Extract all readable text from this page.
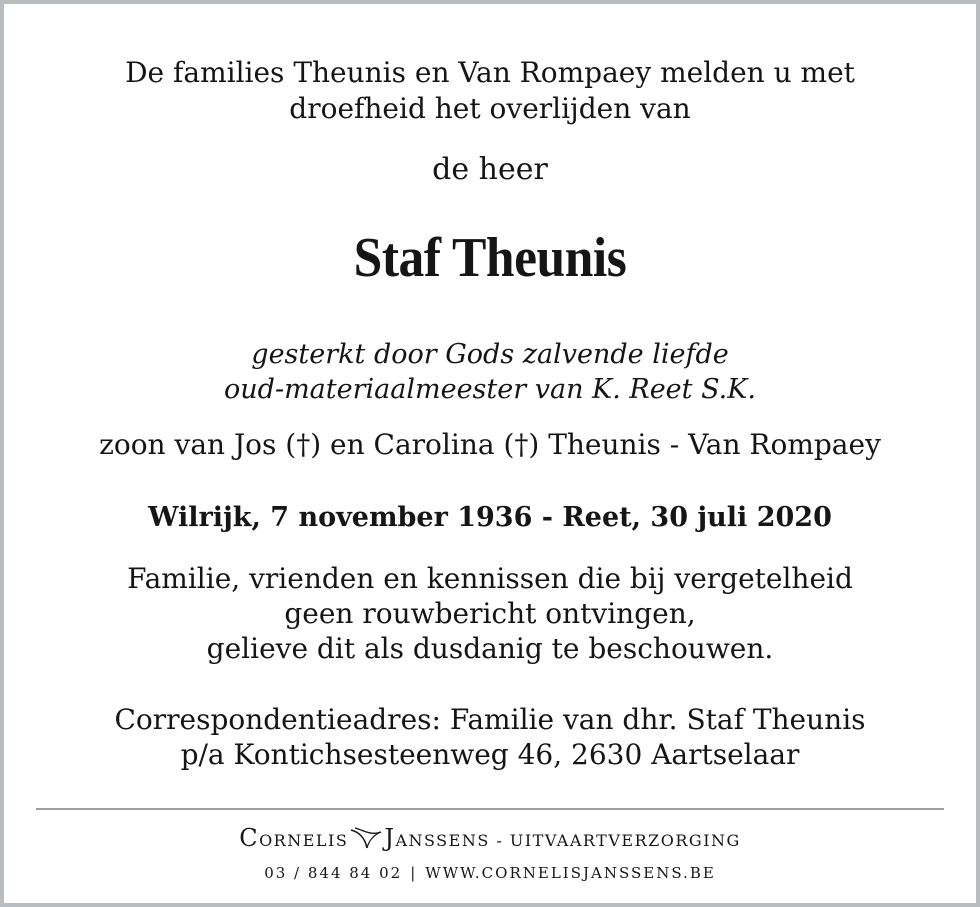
De families Theunis en Van Rompaey melden u met
droefheid het overlijden van
de heer
Staf Theunis
gesterkt door Gods zalvende liefde
oud-materiaalmeester van K. Reet S.K.
zoon van Jos (†) en Carolina (†) Theunis - Van Rompaey
Wilrijk, 7 november 1936 - Reet, 30 juli 2020
Familie, vrienden en kennissen die bij vergetelheid
geen rouwbericht ontvingen,
gelieve dit als dusdanig te beschouwen.
Correspondentieadres: Familie van dhr. Staf Theunis
p/a Kontichsesteenweg 46, 2630 Aartselaar
CORNELIS JANSSENS - UITVAARTVERZORGING
03 / 844 84 02 | WWW.CORNELISJANSSENS.BE
